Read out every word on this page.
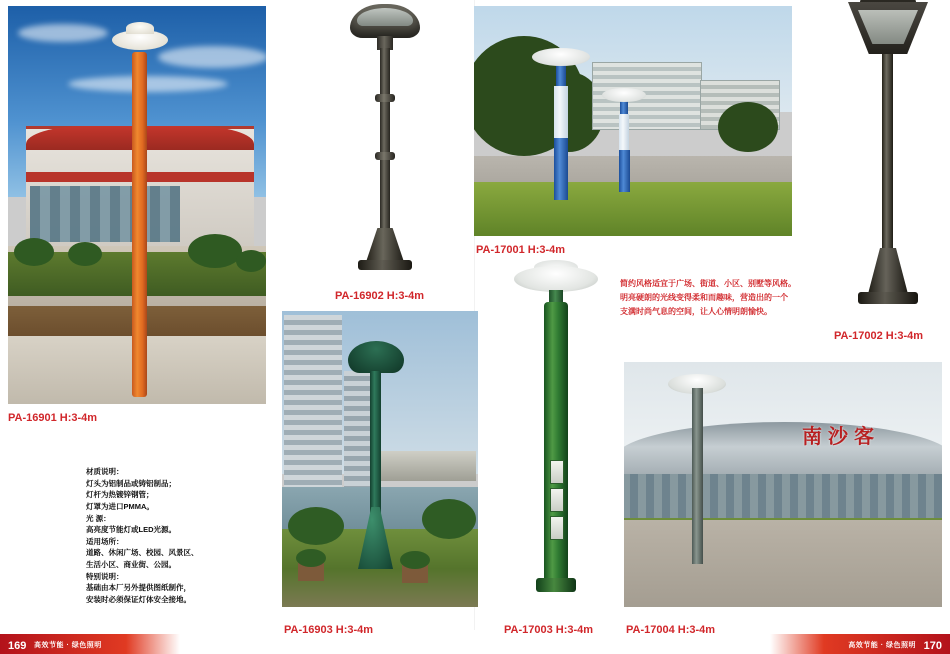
PA-16901 H:3-4m
PA-16902 H:3-4m
PA-17001 H:3-4m
PA-17002 H:3-4m
简约风格适宜于广场、街道、小区、别墅等风格。
明亮硬朗的光线变得柔和而趣味，营造出的一个
支满时尚气息的空间，让人心情明朗愉快。
PA-16903 H:3-4m	PA-17003 H:3-4m
南沙客
PA-17004 H:3-4m
材质说明：
灯头为铝制品或铸铝制品；
灯杆为热镀锌钢管；
灯罩为进口PMMA。
光 源：
高亮度节能灯或LED光源。
适用场所：
道路、休闲广场、校园、风景区、
生活小区、商业街、公园。
特别说明：
基础由本厂另外提供图纸制作，
安装时必须保证灯体安全接地。
169	170
高效节能 · 绿色照明	高效节能 · 绿色照明
